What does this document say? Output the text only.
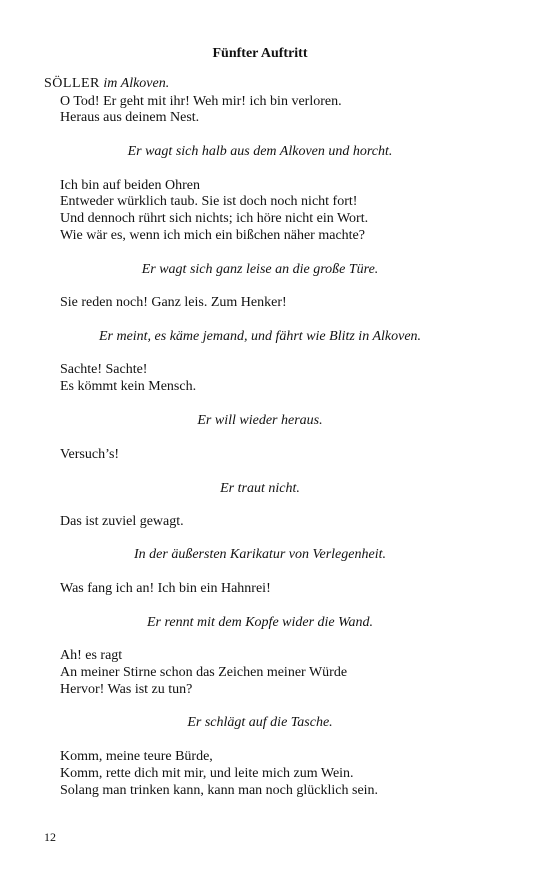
Fünfter Auftritt
SÖLLER im Alkoven.
O Tod! Er geht mit ihr! Weh mir! ich bin verloren.
Heraus aus deinem Nest.
Er wagt sich halb aus dem Alkoven und horcht.
Ich bin auf beiden Ohren
Entweder würklich taub. Sie ist doch noch nicht fort!
Und dennoch rührt sich nichts; ich höre nicht ein Wort.
Wie wär es, wenn ich mich ein bißchen näher machte?
Er wagt sich ganz leise an die große Türe.
Sie reden noch! Ganz leis. Zum Henker!
Er meint, es käme jemand, und fährt wie Blitz in Alkoven.
Sachte! Sachte!
Es kömmt kein Mensch.
Er will wieder heraus.
Versuch’s!
Er traut nicht.
Das ist zuviel gewagt.
In der äußersten Karikatur von Verlegenheit.
Was fang ich an! Ich bin ein Hahnrei!
Er rennt mit dem Kopfe wider die Wand.
Ah! es ragt
An meiner Stirne schon das Zeichen meiner Würde
Hervor! Was ist zu tun?
Er schlägt auf die Tasche.
Komm, meine teure Bürde,
Komm, rette dich mit mir, und leite mich zum Wein.
Solang man trinken kann, kann man noch glücklich sein.
12
